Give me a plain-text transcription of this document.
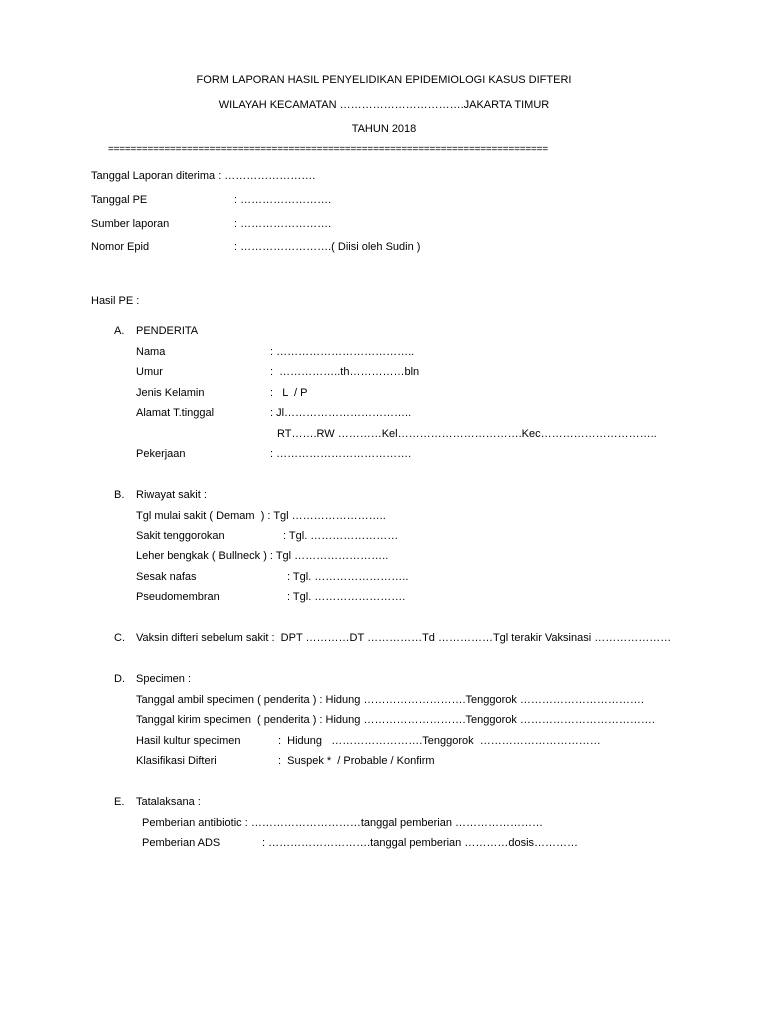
FORM LAPORAN HASIL PENYELIDIKAN EPIDEMIOLOGI KASUS DIFTERI
WILAYAH KECAMATAN …………………………….JAKARTA TIMUR
TAHUN 2018
==============================================================================
Tanggal Laporan diterima : …………………….
Tanggal PE	: …………………….
Sumber laporan	: …………………….
Nomor Epid	: …………………….( Diisi oleh Sudin )
Hasil PE :
A. PENDERITA
Nama	: ………………………………..
Umur	:  ……………..th……………bln
Jenis Kelamin	:   L  / P
Alamat T.tinggal	: Jl……………………………..
RT…….RW …………Kel…………………………….Kec…………………………..
Pekerjaan	: ……………………………….
B. Riwayat sakit :
Tgl mulai sakit ( Demam  ) : Tgl ……………………..
Sakit tenggorokan	: Tgl. ……………………
Leher bengkak ( Bullneck ) : Tgl ……………………..
Sesak nafas	: Tgl. ……………………..
Pseudomembran	: Tgl. …………………….
C. Vaksin difteri sebelum sakit :  DPT …………DT ……………Td ……………Tgl terakir Vaksinasi …………………
D. Specimen :
Tanggal ambil specimen ( penderita ) : Hidung ……………………….Tenggorok …………………………….
Tanggal kirim specimen  ( penderita ) : Hidung ……………………….Tenggorok ……………………………….
Hasil kultur specimen	:  Hidung   …………………….Tenggorok  ……………………………
Klasifikasi Difteri	:  Suspek *  / Probable / Konfirm
E. Tatalaksana :
Pemberian antibiotic : …………………………tanggal pemberian ……………………
Pemberian ADS	: ……………………….tanggal pemberian …………dosis…………
